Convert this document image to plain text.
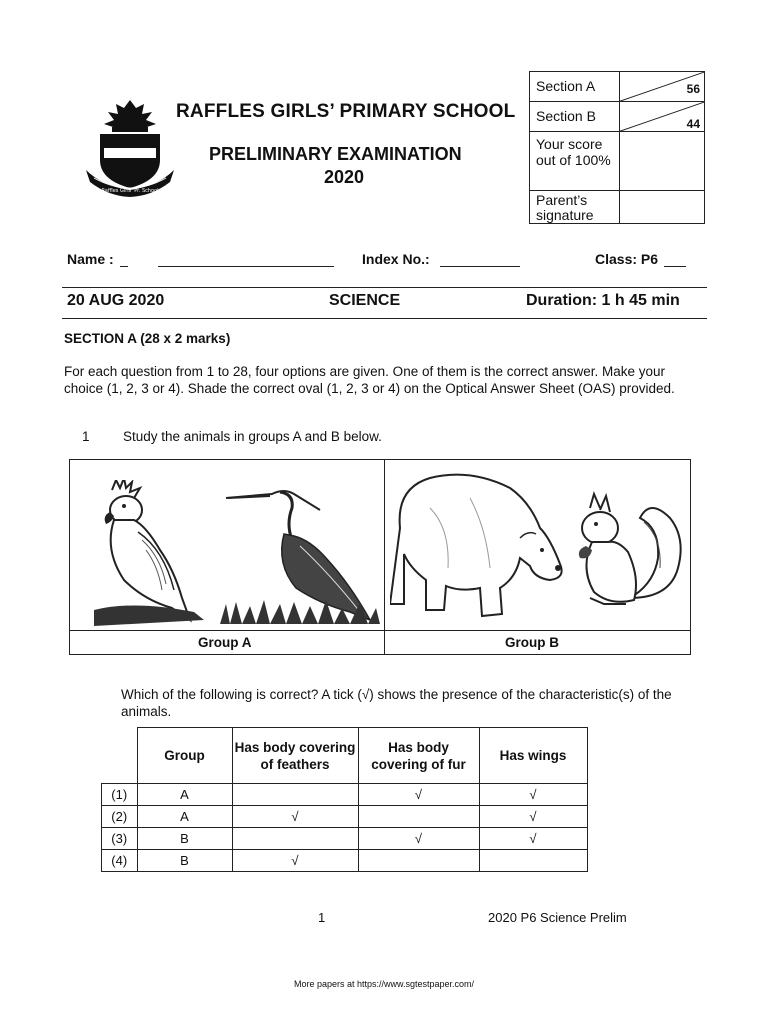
Raffles Girls' Pr. School
RAFFLES GIRLS’ PRIMARY SCHOOL
PRELIMINARY EXAMINATION
2020
Section A	56

Section B	44

Your score out of 100%	
Parent’s signature	
Name :	Index No.:	Class: P6
20 AUG 2020	SCIENCE	Duration: 1 h 45 min
SECTION A (28 x 2 marks)
For each question from 1 to 28, four options are given. One of them is the correct answer. Make your choice (1, 2, 3 or 4). Shade the correct oval (1, 2, 3 or 4) on the Optical Answer Sheet (OAS) provided.
1 Study the animals in groups A and B below.
Group A	Group B
Which of the following is correct? A tick (√) shows the presence of the characteristic(s) of the animals.
	Group	Has body covering of feathers	Has body covering of fur	Has wings
(1)	A		√	√
(2)	A	√		√
(3)	B		√	√
(4)	B	√		
1	2020 P6 Science Prelim
More papers at https://www.sgtestpaper.com/
